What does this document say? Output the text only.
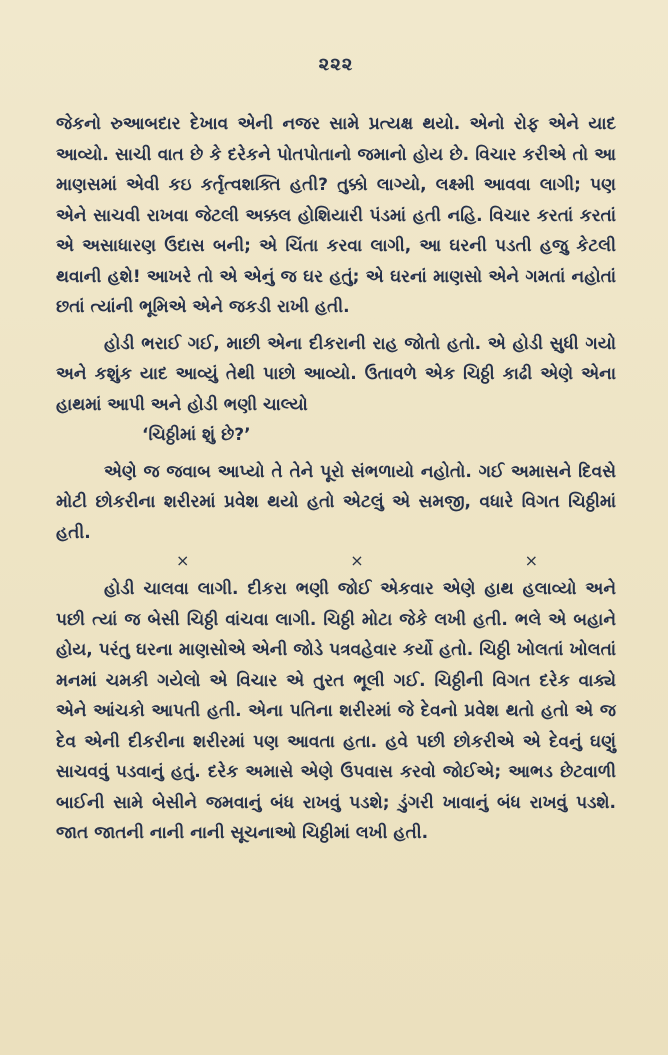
૨૨૨

જેકનો રુઆબદાર દેખાવ એની નજર સામે પ્રત્યક્ષ થયો. એનો રોફ એને યાદ આવ્યો. સાચી વાત છે કે દરેકને પોતપોતાનો જમાનો હોય છે. વિચાર કરીએ તો આ માણસમાં એવી કઇ કર્તૃત્વશક્તિ હતી? તુક્કો લાગ્યો, લક્ષ્મી આવવા લાગી; પણ એને સાચવી રાખવા જેટલી અક્કલ હોશિયારી પંડમાં હતી નહિ. વિચાર કરતાં કરતાં એ અસાધારણ ઉદાસ બની; એ ચિંતા કરવા લાગી, આ ઘરની પડતી હજુ કેટલી થવાની હશે! આખરે તો એ એનું જ ઘર હતું; એ ઘરનાં માણસો એને ગમતાં નહોતાં છતાં ત્યાંની ભૂમિએ એને જકડી રાખી હતી.

હોડી ભરાઈ ગઈ, માછી એના દીકરાની રાહ જોતો હતો. એ હોડી સુધી ગયો અને કશુંક યાદ આવ્યું તેથી પાછો આવ્યો. ઉતાવળે એક ચિઠ્ઠી કાઢી એણે એના હાથમાં આપી અને હોડી ભણી ચાલ્યો

‘ચિઠ્ઠીમાં શું છે?’

એણે જ જવાબ આપ્યો તે તેને પૂરો સંભળાયો નહોતો. ગઈ અમાસને દિવસે મોટી છોકરીના શરીરમાં પ્રવેશ થયો હતો એટલું એ સમજી, વધારે વિગત ચિઠ્ઠીમાં હતી.

×	×	×

હોડી ચાલવા લાગી. દીકરા ભણી જોઈ એકવાર એણે હાથ હલાવ્યો અને પછી ત્યાં જ બેસી ચિઠ્ઠી વાંચવા લાગી. ચિઠ્ઠી મોટા જેકે લખી હતી. ભલે એ બહાને હોય, પરંતુ ઘરના માણસોએ એની જોડે પત્રવહેવાર કર્યો હતો. ચિઠ્ઠી ખોલતાં ખોલતાં મનમાં ચમકી ગયેલો એ વિચાર એ તુરત ભૂલી ગઈ. ચિઠ્ઠીની વિગત દરેક વાક્યે એને આંચકો આપતી હતી. એના પતિના શરીરમાં જે દેવનો પ્રવેશ થતો હતો એ જ દેવ એની દીકરીના શરીરમાં પણ આવતા હતા. હવે પછી છોકરીએ એ દેવનું ઘણું સાચવવું પડવાનું હતું. દરેક અમાસે એણે ઉપવાસ કરવો જોઈએ; આભડ છેટવાળી બાઈની સામે બેસીને જમવાનું બંધ રાખવું પડશે; ડુંગરી ખાવાનું બંધ રાખવું પડશે. જાત જાતની નાની નાની સૂચનાઓ ચિઠ્ઠીમાં લખી હતી.
